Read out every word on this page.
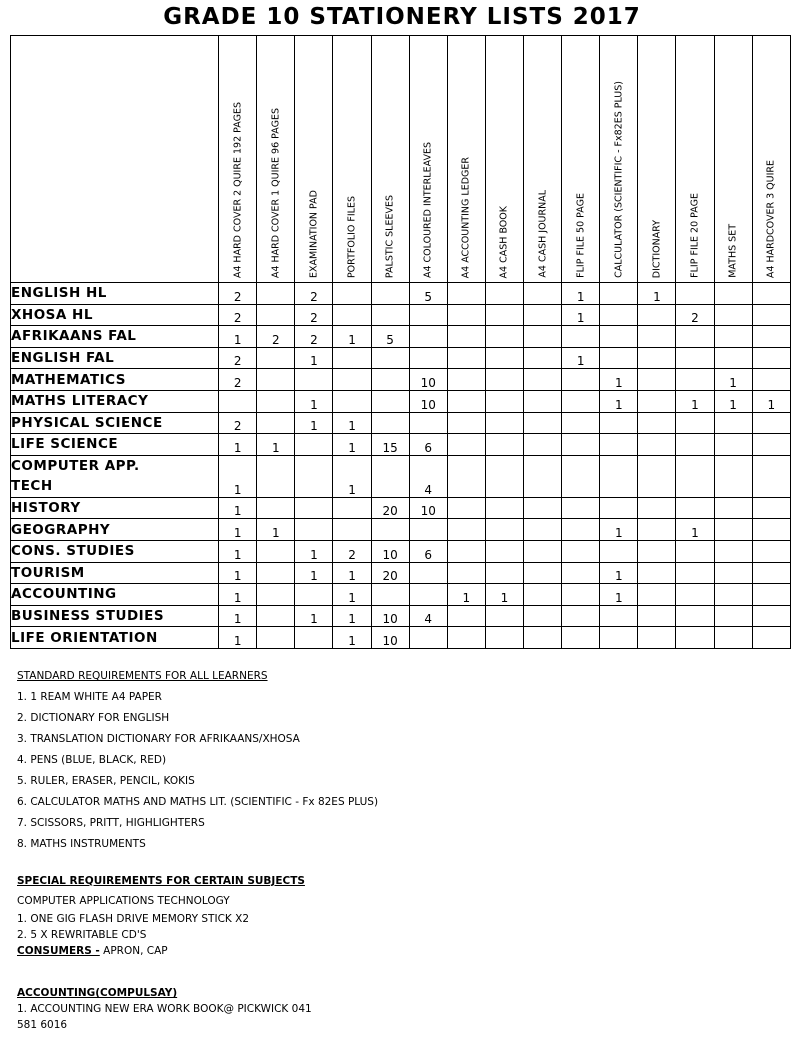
GRADE 10 STATIONERY LISTS 2017

	A4 HARD COVER 2 QUIRE 192 PAGES	A4 HARD COVER 1 QUIRE 96 PAGES	EXAMINATION PAD	PORTFOLIO FILES	PALSTIC SLEEVES	A4 COLOURED INTERLEAVES	A4 ACCOUNTING LEDGER	A4 CASH BOOK	A4 CASH JOURNAL	FLIP FILE 50 PAGE	CALCULATOR (SCIENTIFIC - Fx82ES PLUS)	DICTIONARY	FLIP FILE 20 PAGE	MATHS SET	A4 HARDCOVER 3 QUIRE

ENGLISH HL	2		2			5				1		1			
XHOSA HL	2		2							1			2		
AFRIKAANS FAL	1	2	2	1	5										
ENGLISH FAL	2		1							1					
MATHEMATICS	2					10					1			1	
MATHS LITERACY			1			10					1		1	1	1
PHYSICAL SCIENCE	2		1	1											
LIFE SCIENCE	1	1		1	15	6									

COMPUTER APP.
TECH	1			1		4									
HISTORY	1				20	10									
GEOGRAPHY	1	1									1		1		
CONS. STUDIES	1		1	2	10	6									
TOURISM	1		1	1	20						1				
ACCOUNTING	1			1			1	1			1				
BUSINESS STUDIES	1		1	1	10	4									
LIFE ORIENTATION	1			1	10										
STANDARD REQUIREMENTS FOR ALL LEARNERS
1. 1 REAM WHITE A4 PAPER
2. DICTIONARY FOR ENGLISH
3. TRANSLATION DICTIONARY FOR AFRIKAANS/XHOSA
4. PENS (BLUE, BLACK, RED)
5. RULER, ERASER, PENCIL, KOKIS
6. CALCULATOR MATHS AND MATHS LIT. (SCIENTIFIC - Fx 82ES PLUS)
7. SCISSORS, PRITT, HIGHLIGHTERS
8. MATHS INSTRUMENTS
SPECIAL REQUIREMENTS FOR CERTAIN SUBJECTS
COMPUTER APPLICATIONS TECHNOLOGY
1. ONE GIG FLASH DRIVE MEMORY STICK X2
2. 5 X REWRITABLE CD'S
CONSUMERS - APRON, CAP
ACCOUNTING(COMPULSAY)
1. ACCOUNTING NEW ERA WORK BOOK@ PICKWICK 041
581 6016
